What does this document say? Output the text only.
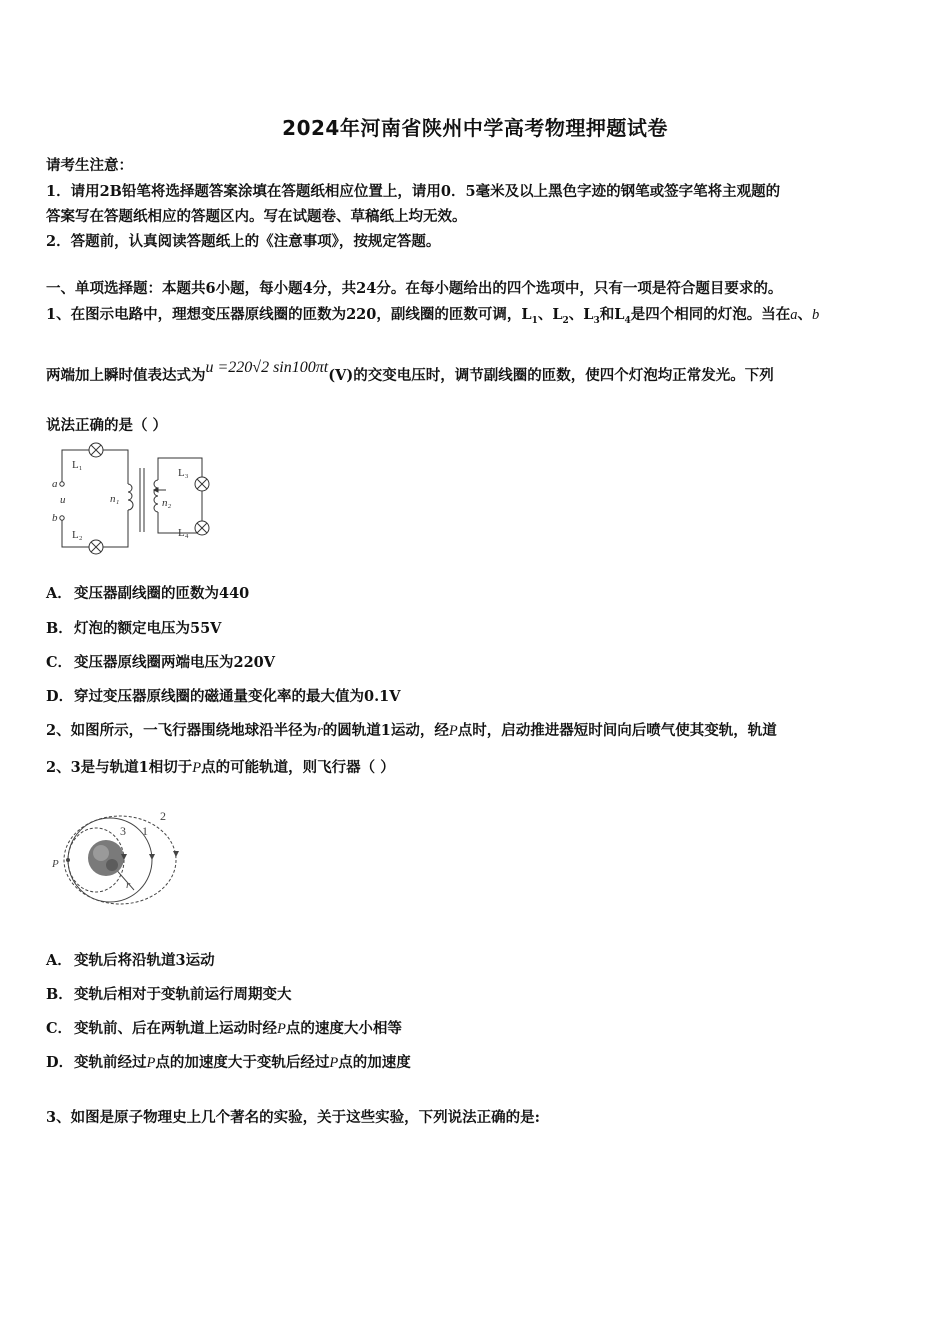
2024年河南省陕州中学高考物理押题试卷
请考生注意：
1．请用2B铅笔将选择题答案涂填在答题纸相应位置上，请用0．5毫米及以上黑色字迹的钢笔或签字笔将主观题的
答案写在答题纸相应的答题区内。写在试题卷、草稿纸上均无效。
2．答题前，认真阅读答题纸上的《注意事项》，按规定答题。
一、单项选择题：本题共6小题，每小题4分，共24分。在每小题给出的四个选项中，只有一项是符合题目要求的。
1、在图示电路中，理想变压器原线圈的匝数为220，副线圈的匝数可调，$L_1$、$L_2$、$L_3$和$L_4$是四个相同的灯泡。当在a、b
两端加上瞬时值表达式为u =220√2 sin100πt(V)的交变电压时，调节副线圈的匝数，使四个灯泡均正常发光。下列
说法正确的是（ ）
L₁
L₂
L₃
L₄
a
b
u	n₁	n₂
A． 变压器副线圈的匝数为440
B．灯泡的额定电压为55V
C． 变压器原线圈两端电压为220V
D．穿过变压器原线圈的磁通量变化率的最大值为0.1V
2、如图所示，一飞行器围绕地球沿半径为r的圆轨道1运动，经P点时，启动推进器短时间向后喷气使其变轨，轨道
2、3是与轨道1相切于P点的可能轨道，则飞行器（ ）
P
r
1
2
3
A． 变轨后将沿轨道3运动
B．变轨后相对于变轨前运行周期变大
C． 变轨前、后在两轨道上运动时经P点的速度大小相等
D．变轨前经过P点的加速度大于变轨后经过P点的加速度
3、如图是原子物理史上几个著名的实验，关于这些实验，下列说法正确的是:
